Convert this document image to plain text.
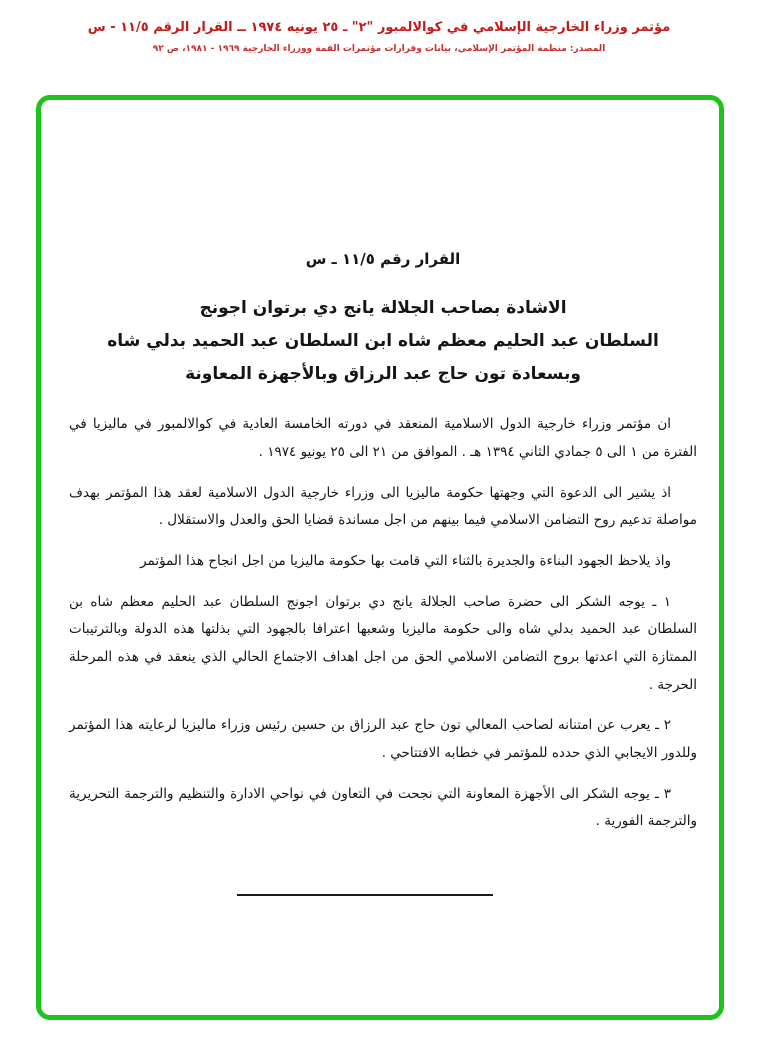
مؤتمر وزراء الخارجية الإسلامي في كوالالمبور "٢" ـ ٢٥ يونيه ١٩٧٤ ــ القرار الرقم ١١/٥ - س
المصدر: منظمة المؤتمر الإسلامي، بيانات وقرارات مؤتمرات القمة ووزراء الخارجية ١٩٦٩ - ١٩٨١، ص ٩٢
القرار رقم ١١/٥ ـ س
الاشادة بصاحب الجلالة يانج دي برتوان اجونج
السلطان عبد الحليم معظم شاه ابن السلطان عبد الحميد بدلي شاه
وبسعادة تون حاج عبد الرزاق وبالأجهزة المعاونة

ان مؤتمر وزراء خارجية الدول الاسلامية المنعقد في دورته الخامسة العادية في كوالالمبور في ماليزيا في الفترة من ١ الى ٥ جمادي الثاني ١٣٩٤ هـ . الموافق من ٢١ الى ٢٥ يونيو ١٩٧٤ .

اذ يشير الى الدعوة التي وجهتها حكومة ماليزيا الى وزراء خارجية الدول الاسلامية لعقد هذا المؤتمر بهدف مواصلة تدعيم روح التضامن الاسلامي فيما بينهم من اجل مساندة قضايا الحق والعدل والاستقلال .

واذ يلاحظ الجهود البناءة والجديرة بالثناء التي قامت بها حكومة ماليزيا من اجل انجاح هذا المؤتمر

١ ـ يوجه الشكر الى حضرة صاحب الجلالة يانج دي برتوان اجونج السلطان عبد الحليم معظم شاه بن السلطان عبد الحميد بدلي شاه والى حكومة ماليزيا وشعبها اعترافا بالجهود التي بذلتها هذه الدولة وبالترتيبات الممتازة التي اعدتها بروح التضامن الاسلامي الحق من اجل اهداف الاجتماع الحالي الذي ينعقد في هذه المرحلة الحرجة .

٢ ـ يعرب عن امتنانه لصاحب المعالي تون حاج عبد الرزاق بن حسين رئيس وزراء ماليزيا لرعايته هذا المؤتمر وللدور الايجابي الذي حدده للمؤتمر في خطابه الافتتاحي .

٣ ـ يوجه الشكر الى الأجهزة المعاونة التي نجحت في التعاون في نواحي الادارة والتنظيم والترجمة التحريرية والترجمة الفورية .
